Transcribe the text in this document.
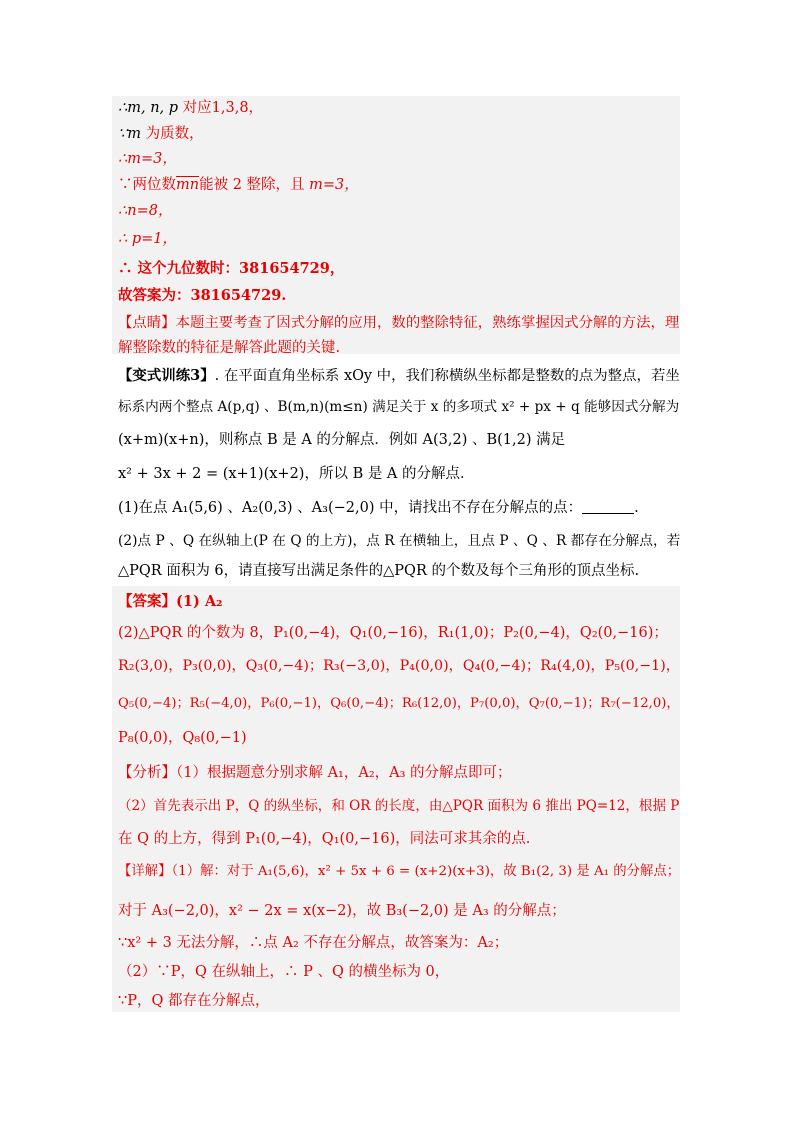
∴m, n, p 对应1,3,8，
∵m 为质数，
∴m=3，
∵两位数$\overline{mn}$能被 2 整除，且 m=3，
∴n=8，
∴ p=1，
∴ 这个九位数时：381654729，
故答案为：381654729.
【点睛】本题主要考查了因式分解的应用，数的整除特征，熟练掌握因式分解的方法，理
解整除数的特征是解答此题的关键.
【变式训练3】. 在平面直角坐标系 xOy 中，我们称横纵坐标都是整数的点为整点，若坐
标系内两个整点 A(p,q) 、B(m,n)(m≤n) 满足关于 x 的多项式 x² + px + q 能够因式分解为
(x+m)(x+n)，则称点 B 是 A 的分解点．例如 A(3,2) 、B(1,2) 满足
x² + 3x + 2 = (x+1)(x+2)，所以 B 是 A 的分解点．
(1)在点 A₁(5,6) 、A₂(0,3) 、A₃(−2,0) 中，请找出不存在分解点的点：	.
(2)点 P 、Q 在纵轴上(P 在 Q 的上方)，点 R 在横轴上，且点 P 、Q 、R 都存在分解点，若
△PQR 面积为 6，请直接写出满足条件的△PQR 的个数及每个三角形的顶点坐标.
【答案】(1) A₂
(2)△PQR 的个数为 8，P₁(0,−4)，Q₁(0,−16)，R₁(1,0)；P₂(0,−4)，Q₂(0,−16)；
R₂(3,0)，P₃(0,0)，Q₃(0,−4)；R₃(−3,0)，P₄(0,0)，Q₄(0,−4)；R₄(4,0)，P₅(0,−1)，
Q₅(0,−4)；R₅(−4,0)，P₆(0,−1)，Q₆(0,−4)；R₆(12,0)，P₇(0,0)，Q₇(0,−1)；R₇(−12,0)，
P₈(0,0)，Q₈(0,−1)
【分析】（1）根据题意分别求解 A₁，A₂，A₃ 的分解点即可；
（2）首先表示出 P，Q 的纵坐标，和 OR 的长度，由△PQR 面积为 6 推出 PQ=12，根据 P
在 Q 的上方，得到 P₁(0,−4)，Q₁(0,−16)，同法可求其余的点.
【详解】（1）解：对于 A₁(5,6)，x² + 5x + 6 = (x+2)(x+3)，故 B₁(2, 3) 是 A₁ 的分解点；
对于 A₃(−2,0)，x² − 2x = x(x−2)，故 B₃(−2,0) 是 A₃ 的分解点；
∵x² + 3 无法分解，∴点 A₂ 不存在分解点，故答案为：A₂；
（2）∵P，Q 在纵轴上，∴ P 、Q 的横坐标为 0，
∵P，Q 都存在分解点，
